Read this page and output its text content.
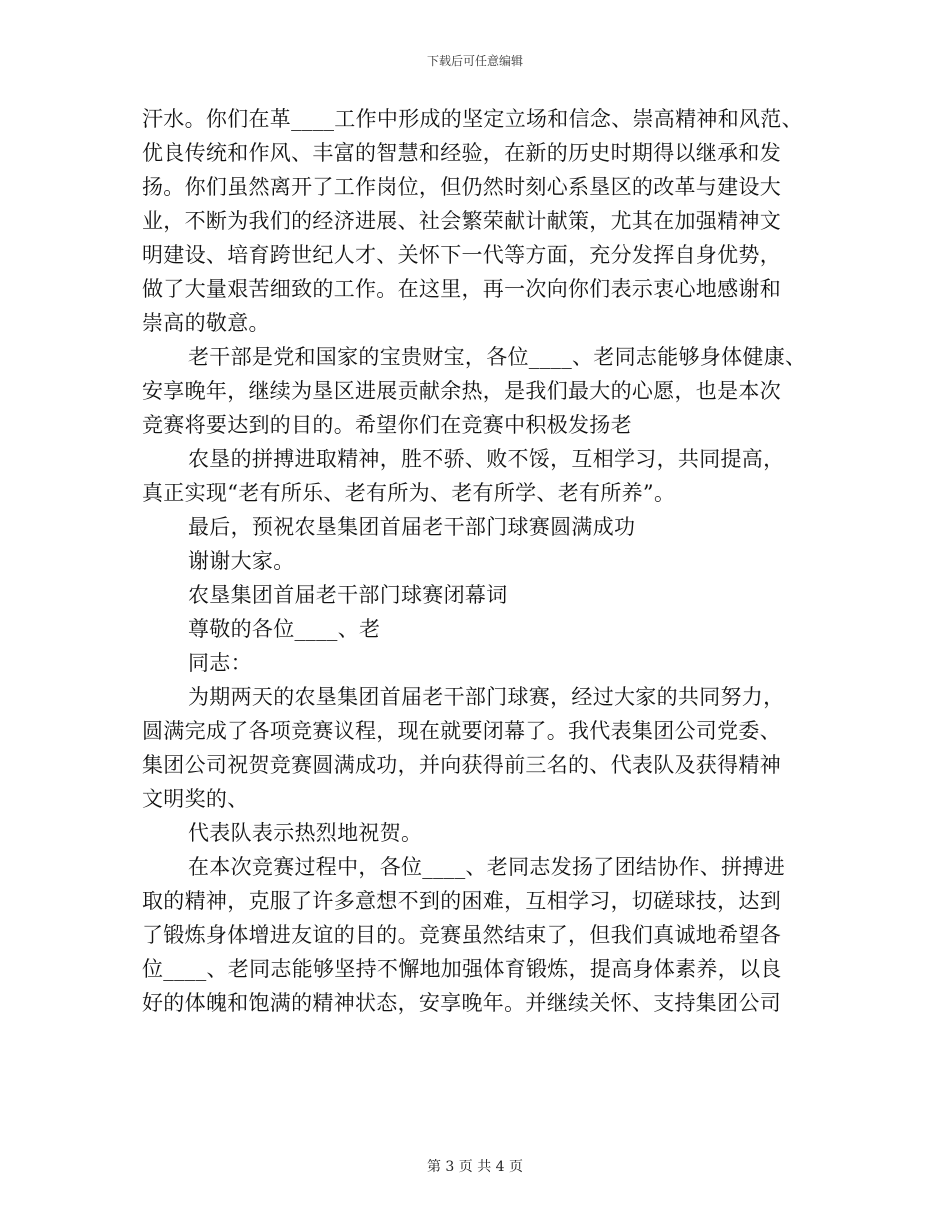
下载后可任意编辑
汗水。你们在革____工作中形成的坚定立场和信念、崇高精神和风范、
优良传统和作风、丰富的智慧和经验，在新的历史时期得以继承和发
扬。你们虽然离开了工作岗位，但仍然时刻心系垦区的改革与建设大
业，不断为我们的经济进展、社会繁荣献计献策，尤其在加强精神文
明建设、培育跨世纪人才、关怀下一代等方面，充分发挥自身优势，
做了大量艰苦细致的工作。在这里，再一次向你们表示衷心地感谢和
崇高的敬意。
老干部是党和国家的宝贵财宝，各位____、老同志能够身体健康、
安享晚年，继续为垦区进展贡献余热，是我们最大的心愿，也是本次
竞赛将要达到的目的。希望你们在竞赛中积极发扬老
农垦的拼搏进取精神，胜不骄、败不馁，互相学习，共同提高，
真正实现“老有所乐、老有所为、老有所学、老有所养”。
最后，预祝农垦集团首届老干部门球赛圆满成功
谢谢大家。
农垦集团首届老干部门球赛闭幕词
尊敬的各位____、老
同志：
为期两天的农垦集团首届老干部门球赛，经过大家的共同努力，
圆满完成了各项竞赛议程，现在就要闭幕了。我代表集团公司党委、
集团公司祝贺竞赛圆满成功，并向获得前三名的、代表队及获得精神
文明奖的、
代表队表示热烈地祝贺。
在本次竞赛过程中，各位____、老同志发扬了团结协作、拼搏进
取的精神，克服了许多意想不到的困难，互相学习，切磋球技，达到
了锻炼身体增进友谊的目的。竞赛虽然结束了，但我们真诚地希望各
位____、老同志能够坚持不懈地加强体育锻炼，提高身体素养，以良
好的体魄和饱满的精神状态，安享晚年。并继续关怀、支持集团公司
第 3 页 共 4 页
